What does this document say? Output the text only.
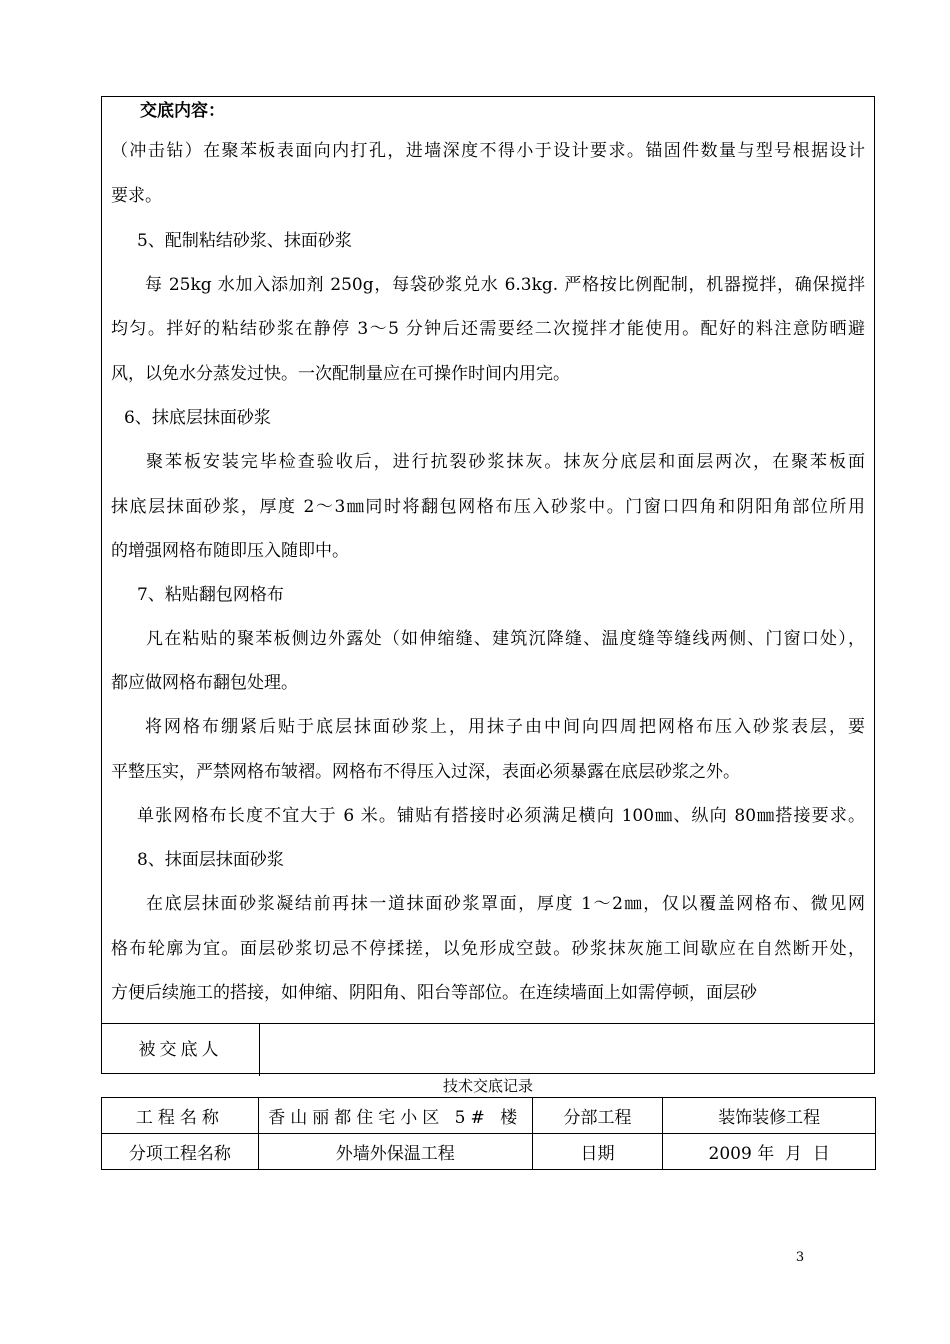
交底内容：
（冲击钻）在聚苯板表面向内打孔，进墙深度不得小于设计要求。锚固件数量与型号根据设计
要求。
5、配制粘结砂浆、抹面砂浆
每 25kg 水加入添加剂 250g，每袋砂浆兑水 6.3kg. 严格按比例配制，机器搅拌，确保搅拌
均匀。拌好的粘结砂浆在静停 3～5 分钟后还需要经二次搅拌才能使用。配好的料注意防晒避
风，以免水分蒸发过快。一次配制量应在可操作时间内用完。
6、抹底层抹面砂浆
聚苯板安装完毕检查验收后，进行抗裂砂浆抹灰。抹灰分底层和面层两次，在聚苯板面
抹底层抹面砂浆，厚度 2～3㎜同时将翻包网格布压入砂浆中。门窗口四角和阴阳角部位所用
的增强网格布随即压入随即中。
7、粘贴翻包网格布
凡在粘贴的聚苯板侧边外露处（如伸缩缝、建筑沉降缝、温度缝等缝线两侧、门窗口处），
都应做网格布翻包处理。
将网格布绷紧后贴于底层抹面砂浆上，用抹子由中间向四周把网格布压入砂浆表层，要
平整压实，严禁网格布皱褶。网格布不得压入过深，表面必须暴露在底层砂浆之外。
单张网格布长度不宜大于 6 米。铺贴有搭接时必须满足横向 100㎜、纵向 80㎜搭接要求。
8、抹面层抹面砂浆
在底层抹面砂浆凝结前再抹一道抹面砂浆罩面，厚度 1～2㎜，仅以覆盖网格布、微见网
格布轮廓为宜。面层砂浆切忌不停揉搓，以免形成空鼓。砂浆抹灰施工间歇应在自然断开处，
方便后续施工的搭接，如伸缩、阴阳角、阳台等部位。在连续墙面上如需停顿，面层砂
被交底人
技术交底记录
工程名称	香山丽都住宅小区 5# 楼	分部工程	装饰装修工程
分项工程名称	外墙外保温工程	日期	2009 年  月  日
3
